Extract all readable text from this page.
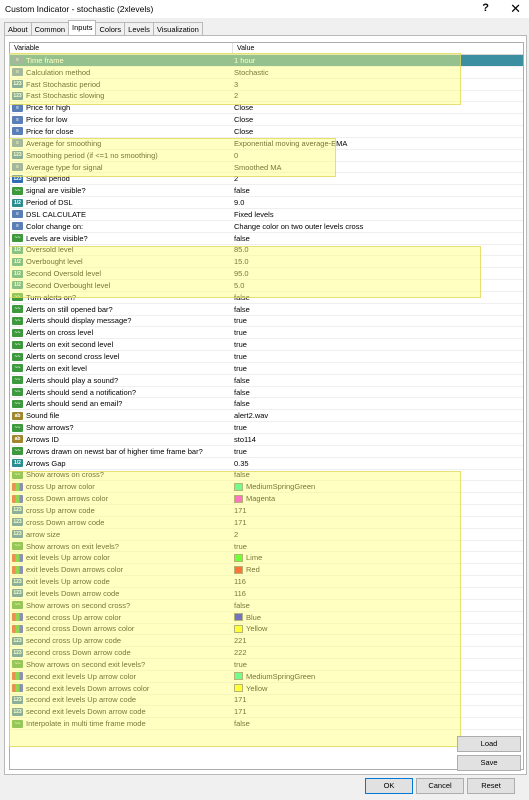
Custom Indicator - stochastic (2xlevels)	? ✕
About Common Inputs Colors Levels Visualization
Variable	Value
≡ Time frame	1 hour
≡ Calculation method	Stochastic
123 Fast Stochastic period	3
123 Fast Stochastic slowing	2
≡ Price for high	Close
≡ Price for low	Close
≡ Price for close	Close
≡ Average for smoothing	Exponential moving average-EMA
123 Smoothing period (if <=1 no smoothing)	0
≡ Average type for signal	Smoothed MA
123 Signal period	2
~~ signal are visible?	false
1/2 Period of DSL	9.0
≡ DSL CALCULATE	Fixed levels
≡ Color change on:	Change color on two outer levels cross
~~ Levels are visible?	false
1/2 Oversold level	85.0
1/2 Overbought level	15.0
1/2 Second Oversold level	95.0
1/2 Second Overbought level	5.0
~~ Turn alerts on?	false
~~ Alerts on still opened bar?	false
~~ Alerts should display message?	true
~~ Alerts on cross level	true
~~ Alerts on exit second level	true
~~ Alerts on second cross level	true
~~ Alerts on exit level	true
~~ Alerts should play a sound?	false
~~ Alerts should send a notification?	false
~~ Alerts should send an email?	false
ab Sound file	alert2.wav
~~ Show arrows?	true
ab Arrows ID	sto114
~~ Arrows drawn on newst bar of higher time frame bar?	true
1/2 Arrows Gap	0.35
~~ Show arrows on cross?	false
cross Up arrow color	MediumSpringGreen
cross Down arrows color	Magenta
123 cross Up arrow code	171
123 cross Down arrow code	171
123 arrow size	2
~~ Show arrows on exit levels?	true
exit levels Up arrow color	Lime
exit levels Down arrows color	Red
123 exit levels Up arrow code	116
123 exit levels Down arrow code	116
~~ Show arrows on second cross?	false
second cross Up arrow color	Blue
second cross Down arrows color	Yellow
123 second cross Up arrow code	221
123 second cross Down arrow code	222
~~ Show arrows on second exit levels?	true
second exit levels Up arrow color	MediumSpringGreen
second exit levels Down arrows color	Yellow
123 second exit levels Up arrow code	171
123 second exit levels Down arrow code	171
~~ Interpolate in multi time frame mode	false
Load
Save
OK	Cancel	Reset
